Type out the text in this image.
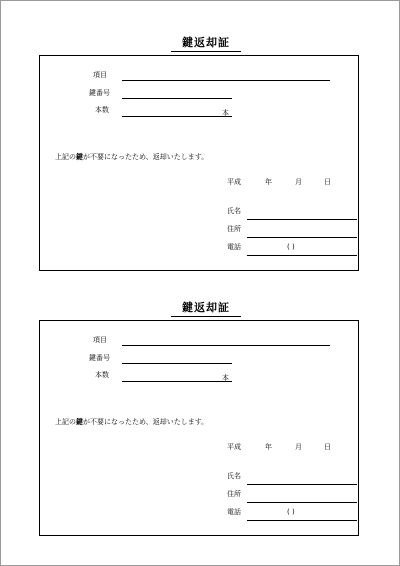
鍵返却証
項目
鍵番号
本数	本
上記の鍵が不要になったため、返却いたします。
平成	年	月	日
氏名
住所
電話	( )
鍵返却証
項目
鍵番号
本数	本
上記の鍵が不要になったため、返却いたします。
平成	年	月	日
氏名
住所
電話	( )
